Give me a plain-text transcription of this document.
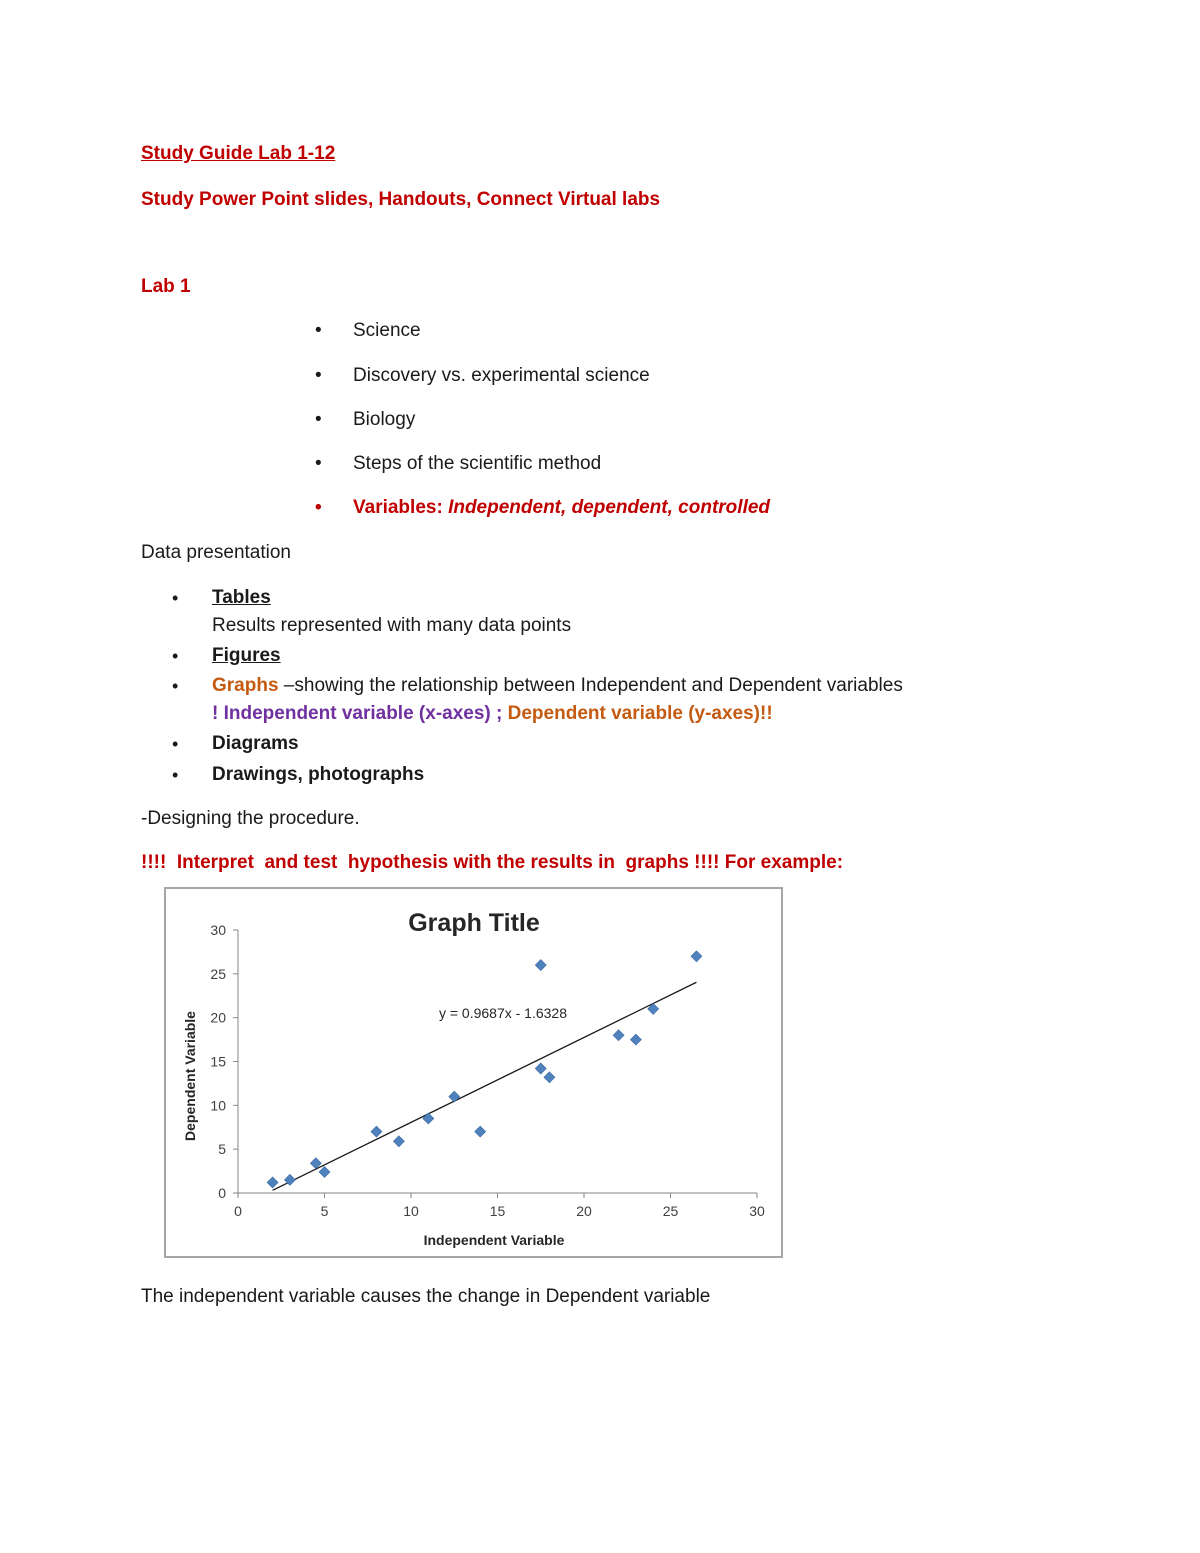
Study Guide Lab 1-12
Study Power Point slides, Handouts, Connect Virtual labs
Lab 1
•	Science
•	Discovery vs. experimental science
•	Biology
•	Steps of the scientific method
•	Variables: Independent, dependent, controlled
Data presentation
• Tables
Results represented with many data points
• Figures
• Graphs –showing the relationship between Independent and Dependent variables
! Independent variable (x-axes) ; Dependent variable (y-axes)!!
• Diagrams
• Drawings, photographs
-Designing the procedure.
!!!!  Interpret  and test  hypothesis with the results in  graphs !!!! For example:
Graph Title
0
5
10
15
20
25
30
0	5	10	15	20	25	30
y = 0.9687x - 1.6328
Independent Variable
Dependent Variable
The independent variable causes the change in Dependent variable
